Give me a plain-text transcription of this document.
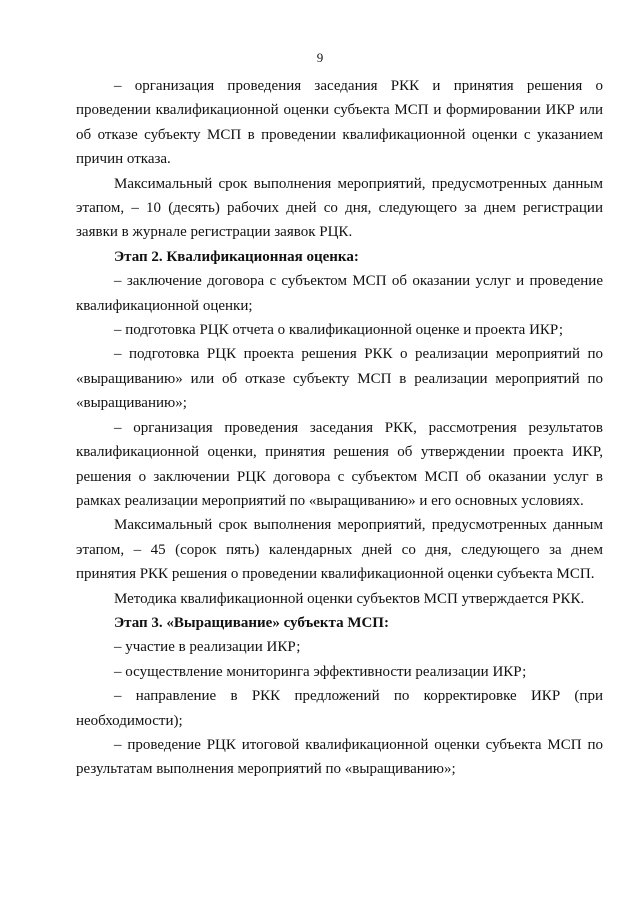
9

– организация проведения заседания РКК и принятия решения о проведении квалификационной оценки субъекта МСП и формировании ИКР или об отказе субъекту МСП в проведении квалификационной оценки с указанием причин отказа.

Максимальный срок выполнения мероприятий, предусмотренных данным этапом, – 10 (десять) рабочих дней со дня, следующего за днем регистрации заявки в журнале регистрации заявок РЦК.

Этап 2. Квалификационная оценка:

– заключение договора с субъектом МСП об оказании услуг и проведение квалификационной оценки;

– подготовка РЦК отчета о квалификационной оценке и проекта ИКР;

– подготовка РЦК проекта решения РКК о реализации мероприятий по «выращиванию» или об отказе субъекту МСП в реализации мероприятий по «выращиванию»;

– организация проведения заседания РКК, рассмотрения результатов квалификационной оценки, принятия решения об утверждении проекта ИКР, решения о заключении РЦК договора с субъектом МСП об оказании услуг в рамках реализации мероприятий по «выращиванию» и его основных условиях.

Максимальный срок выполнения мероприятий, предусмотренных данным этапом, – 45 (сорок пять) календарных дней со дня, следующего за днем принятия РКК решения о проведении квалификационной оценки субъекта МСП.

Методика квалификационной оценки субъектов МСП утверждается РКК.

Этап 3. «Выращивание» субъекта МСП:

– участие в реализации ИКР;

– осуществление мониторинга эффективности реализации ИКР;

– направление в РКК предложений по корректировке ИКР (при необходимости);

– проведение РЦК итоговой квалификационной оценки субъекта МСП по результатам выполнения мероприятий по «выращиванию»;
